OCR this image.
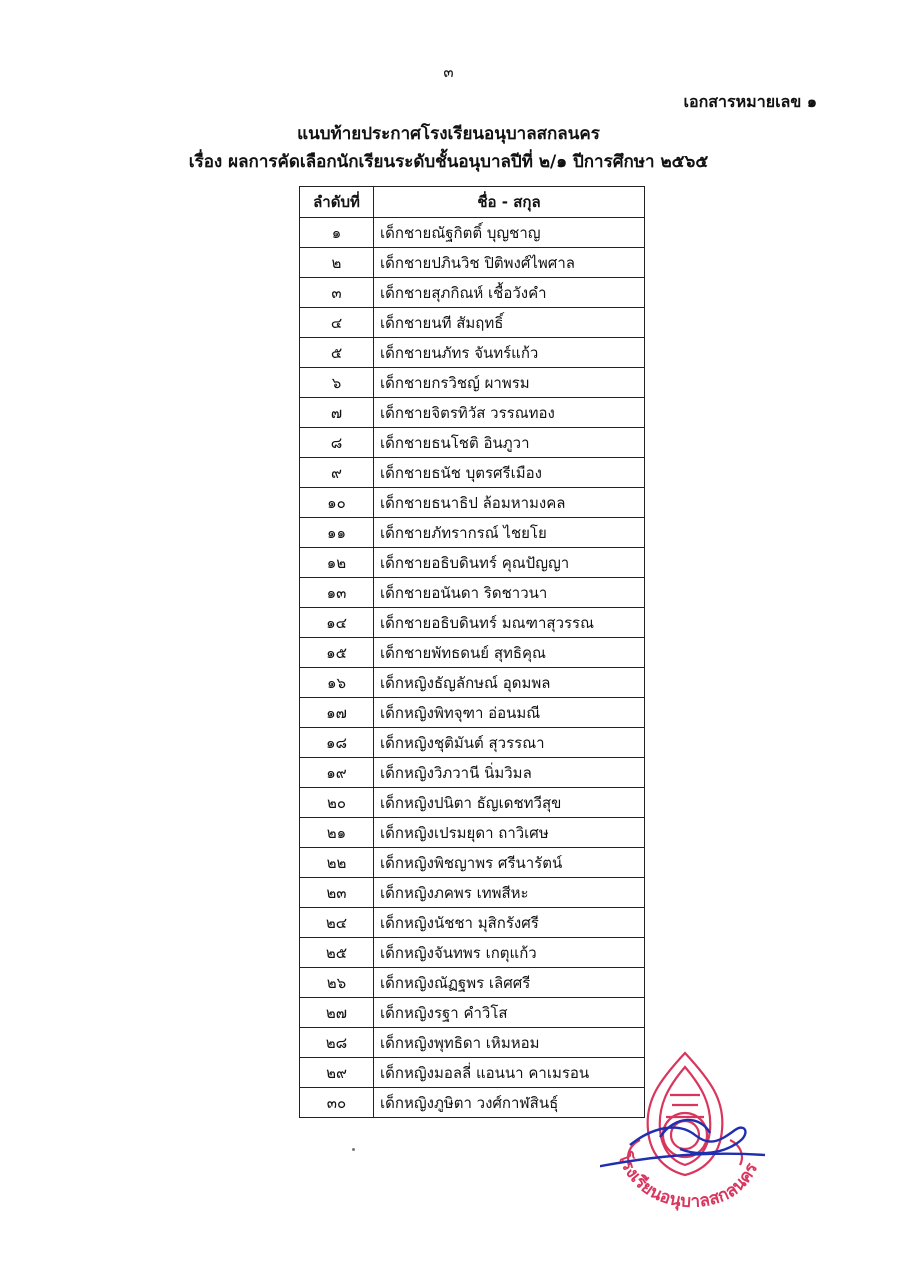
๓
เอกสารหมายเลข ๑
แนบท้ายประกาศโรงเรียนอนุบาลสกลนคร
เรื่อง ผลการคัดเลือกนักเรียนระดับชั้นอนุบาลปีที่ ๒/๑ ปีการศึกษา ๒๕๖๕
ลำดับที่	ชื่อ - สกุล
๑	เด็กชายณัฐกิตติ์ บุญชาญ
๒	เด็กชายปภินวิช ปิติพงศ์ไพศาล
๓	เด็กชายสุภกิณห์ เชื้อวังคำ
๔	เด็กชายนที สัมฤทธิ์
๕	เด็กชายนภัทร จันทร์แก้ว
๖	เด็กชายกรวิชญ์ ผาพรม
๗	เด็กชายจิตรทิวัส วรรณทอง
๘	เด็กชายธนโชติ อินภูวา
๙	เด็กชายธนัช บุตรศรีเมือง
๑๐	เด็กชายธนาธิป ล้อมหามงคล
๑๑	เด็กชายภัทรากรณ์ ไชยโย
๑๒	เด็กชายอธิบดินทร์ คุณปัญญา
๑๓	เด็กชายอนันดา ริดชาวนา
๑๔	เด็กชายอธิบดินทร์ มณฑาสุวรรณ
๑๕	เด็กชายพัทธดนย์ สุทธิคุณ
๑๖	เด็กหญิงธัญลักษณ์ อุดมพล
๑๗	เด็กหญิงพิทจุฑา อ่อนมณี
๑๘	เด็กหญิงชุติมันต์ สุวรรณา
๑๙	เด็กหญิงวิภวานี นิ่มวิมล
๒๐	เด็กหญิงปนิตา ธัญเดชทวีสุข
๒๑	เด็กหญิงเปรมยุดา ถาวิเศษ
๒๒	เด็กหญิงพิชญาพร ศรีนารัตน์
๒๓	เด็กหญิงภคพร เทพสีหะ
๒๔	เด็กหญิงนัชชา มุสิกรังศรี
๒๕	เด็กหญิงจันทพร เกตุแก้ว
๒๖	เด็กหญิงณัฏฐพร เลิศศรี
๒๗	เด็กหญิงรฐา คำวิโส
๒๘	เด็กหญิงพุทธิดา เหิมหอม
๒๙	เด็กหญิงมอลลี่ แอนนา คาเมรอน
๓๐	เด็กหญิงภูษิตา วงศ์กาฬสินธุ์
โรงเรียนอนุบาลสกลนคร
